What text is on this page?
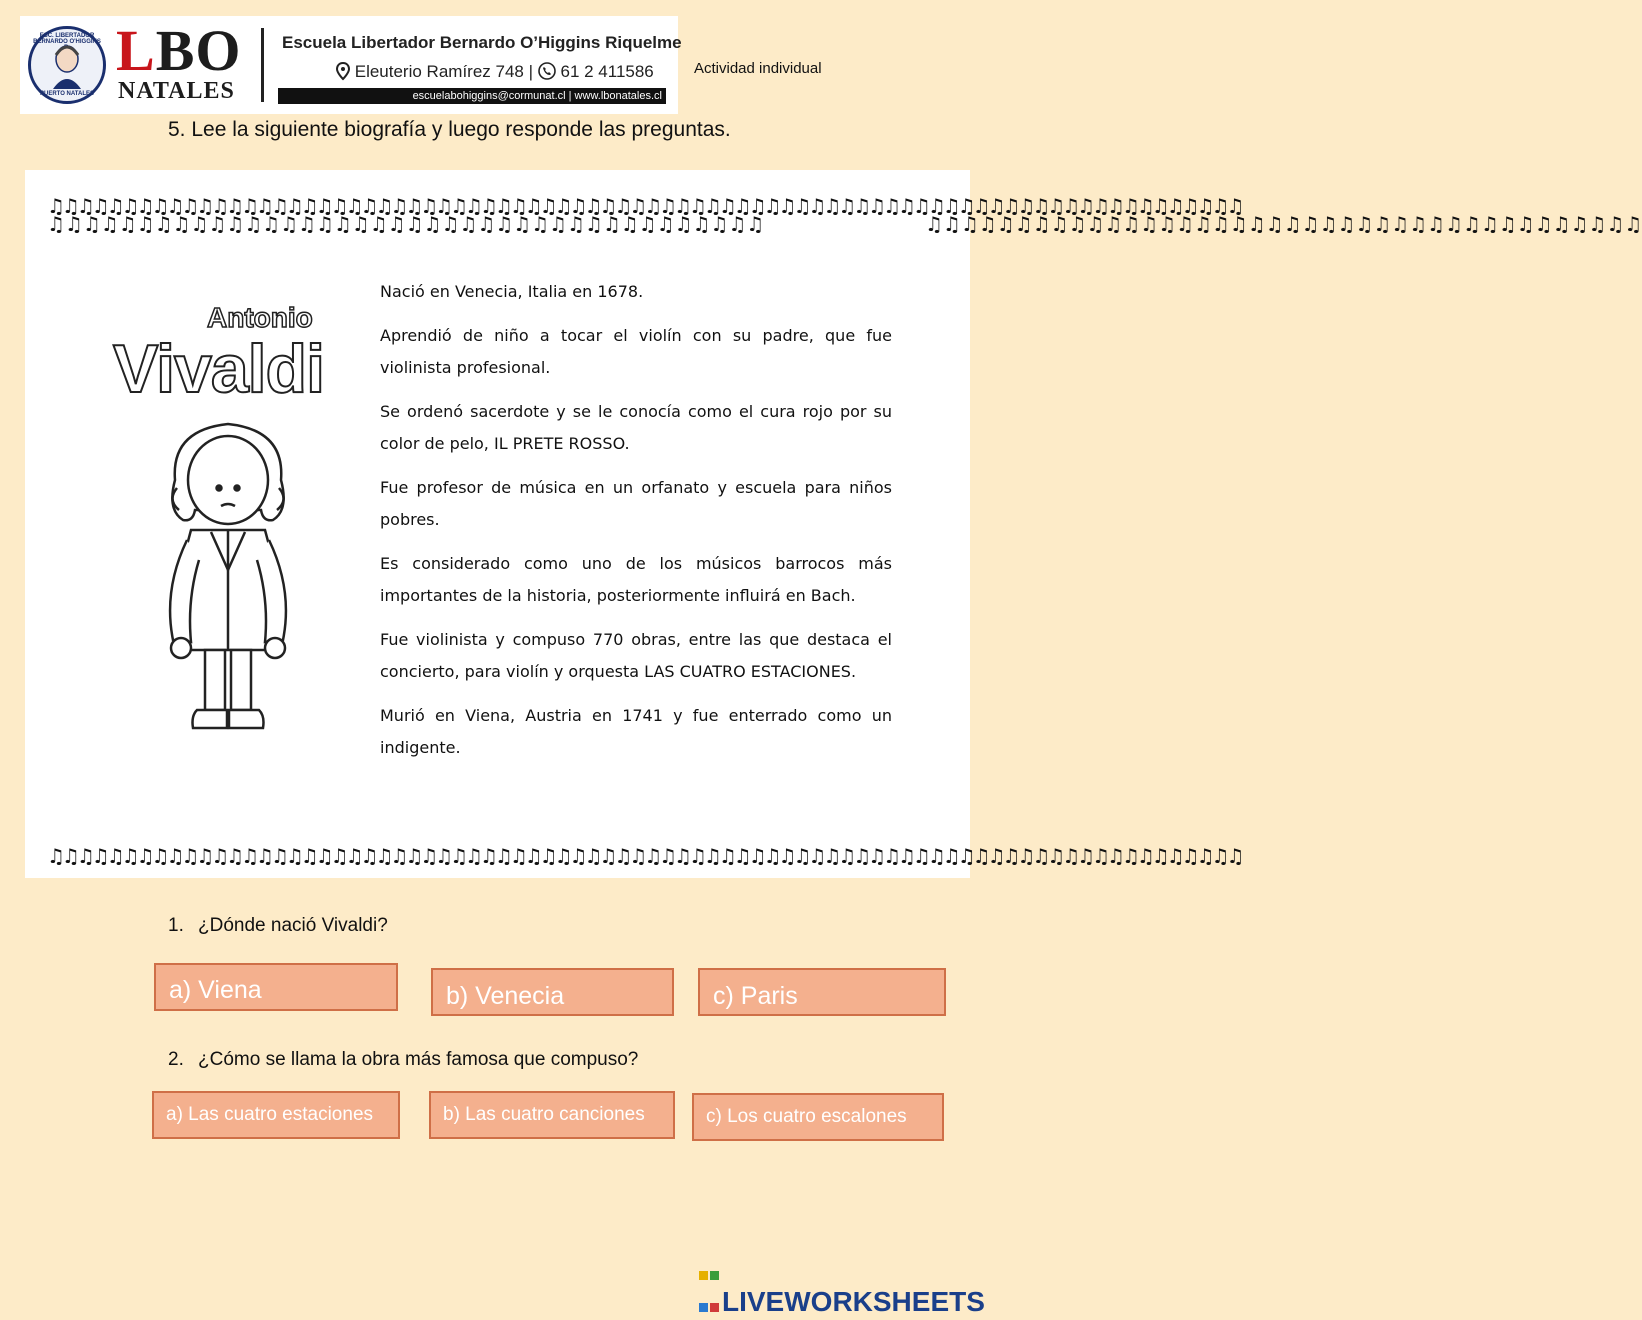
ESC. LIBERTADOR BERNARDO O'HIGGINS
PUERTO NATALES
LBO
NATALES
Escuela Libertador Bernardo O’Higgins Riquelme
Eleuterio Ramírez 748 |  61 2 411586
escuelabohiggins@cormunat.cl | www.lbonatales.cl
Actividad individual
5. Lee la siguiente biografía y luego responde las preguntas.
♫♫♫♫♫♫♫♫♫♫♫♫♫♫♫♫♫♫♫♫♫♫♫♫♫♫♫♫♫♫♫♫♫♫♫♫♫♫♫♫♫♫♫♫♫♫♫♫♫♫♫♫♫♫♫♫♫♫♫♫♫♫♫♫♫♫♫♫♫♫♫♫♫♫♫♫♫♫♫♫
♫♫♫♫♫♫♫♫♫♫♫♫♫♫♫♫♫♫♫♫♫♫♫♫♫♫♫♫♫♫♫♫♫♫♫♫♫♫♫♫♫♫♫♫♫♫♫♫♫♫♫♫♫♫♫♫♫♫♫♫♫♫♫♫♫♫♫♫♫♫♫♫♫♫♫♫♫♫♫♫
♫♫♫♫♫♫♫♫♫♫♫♫♫♫♫♫♫♫♫♫♫♫♫♫♫♫♫♫♫♫♫♫♫♫♫♫♫♫♫♫	♫♫♫♫♫♫♫♫♫♫♫♫♫♫♫♫♫♫♫♫♫♫♫♫♫♫♫♫♫♫♫♫♫♫♫♫♫♫♫♫
Antonio
Vivaldi

Nació en Venecia, Italia en 1678.

Aprendió de niño a tocar el violín con su padre, que fue violinista profesional.

Se ordenó sacerdote y se le conocía como el cura rojo por su color de pelo, IL PRETE ROSSO.

Fue profesor de música en un orfanato y escuela para niños pobres.

Es considerado como uno de los músicos barrocos más importantes de la historia, posteriormente influirá en Bach.

Fue violinista y compuso 770 obras, entre las que destaca el concierto, para violín y orquesta LAS CUATRO ESTACIONES.

Murió en Viena, Austria en 1741 y fue enterrado como un indigente.

1. ¿Dónde nació Vivaldi?
a) Viena	b) Venecia	c) Paris
2. ¿Cómo se llama la obra más famosa que compuso?
a) Las cuatro estaciones	b) Las cuatro canciones	c) Los cuatro escalones

LIVEWORKSHEETS
